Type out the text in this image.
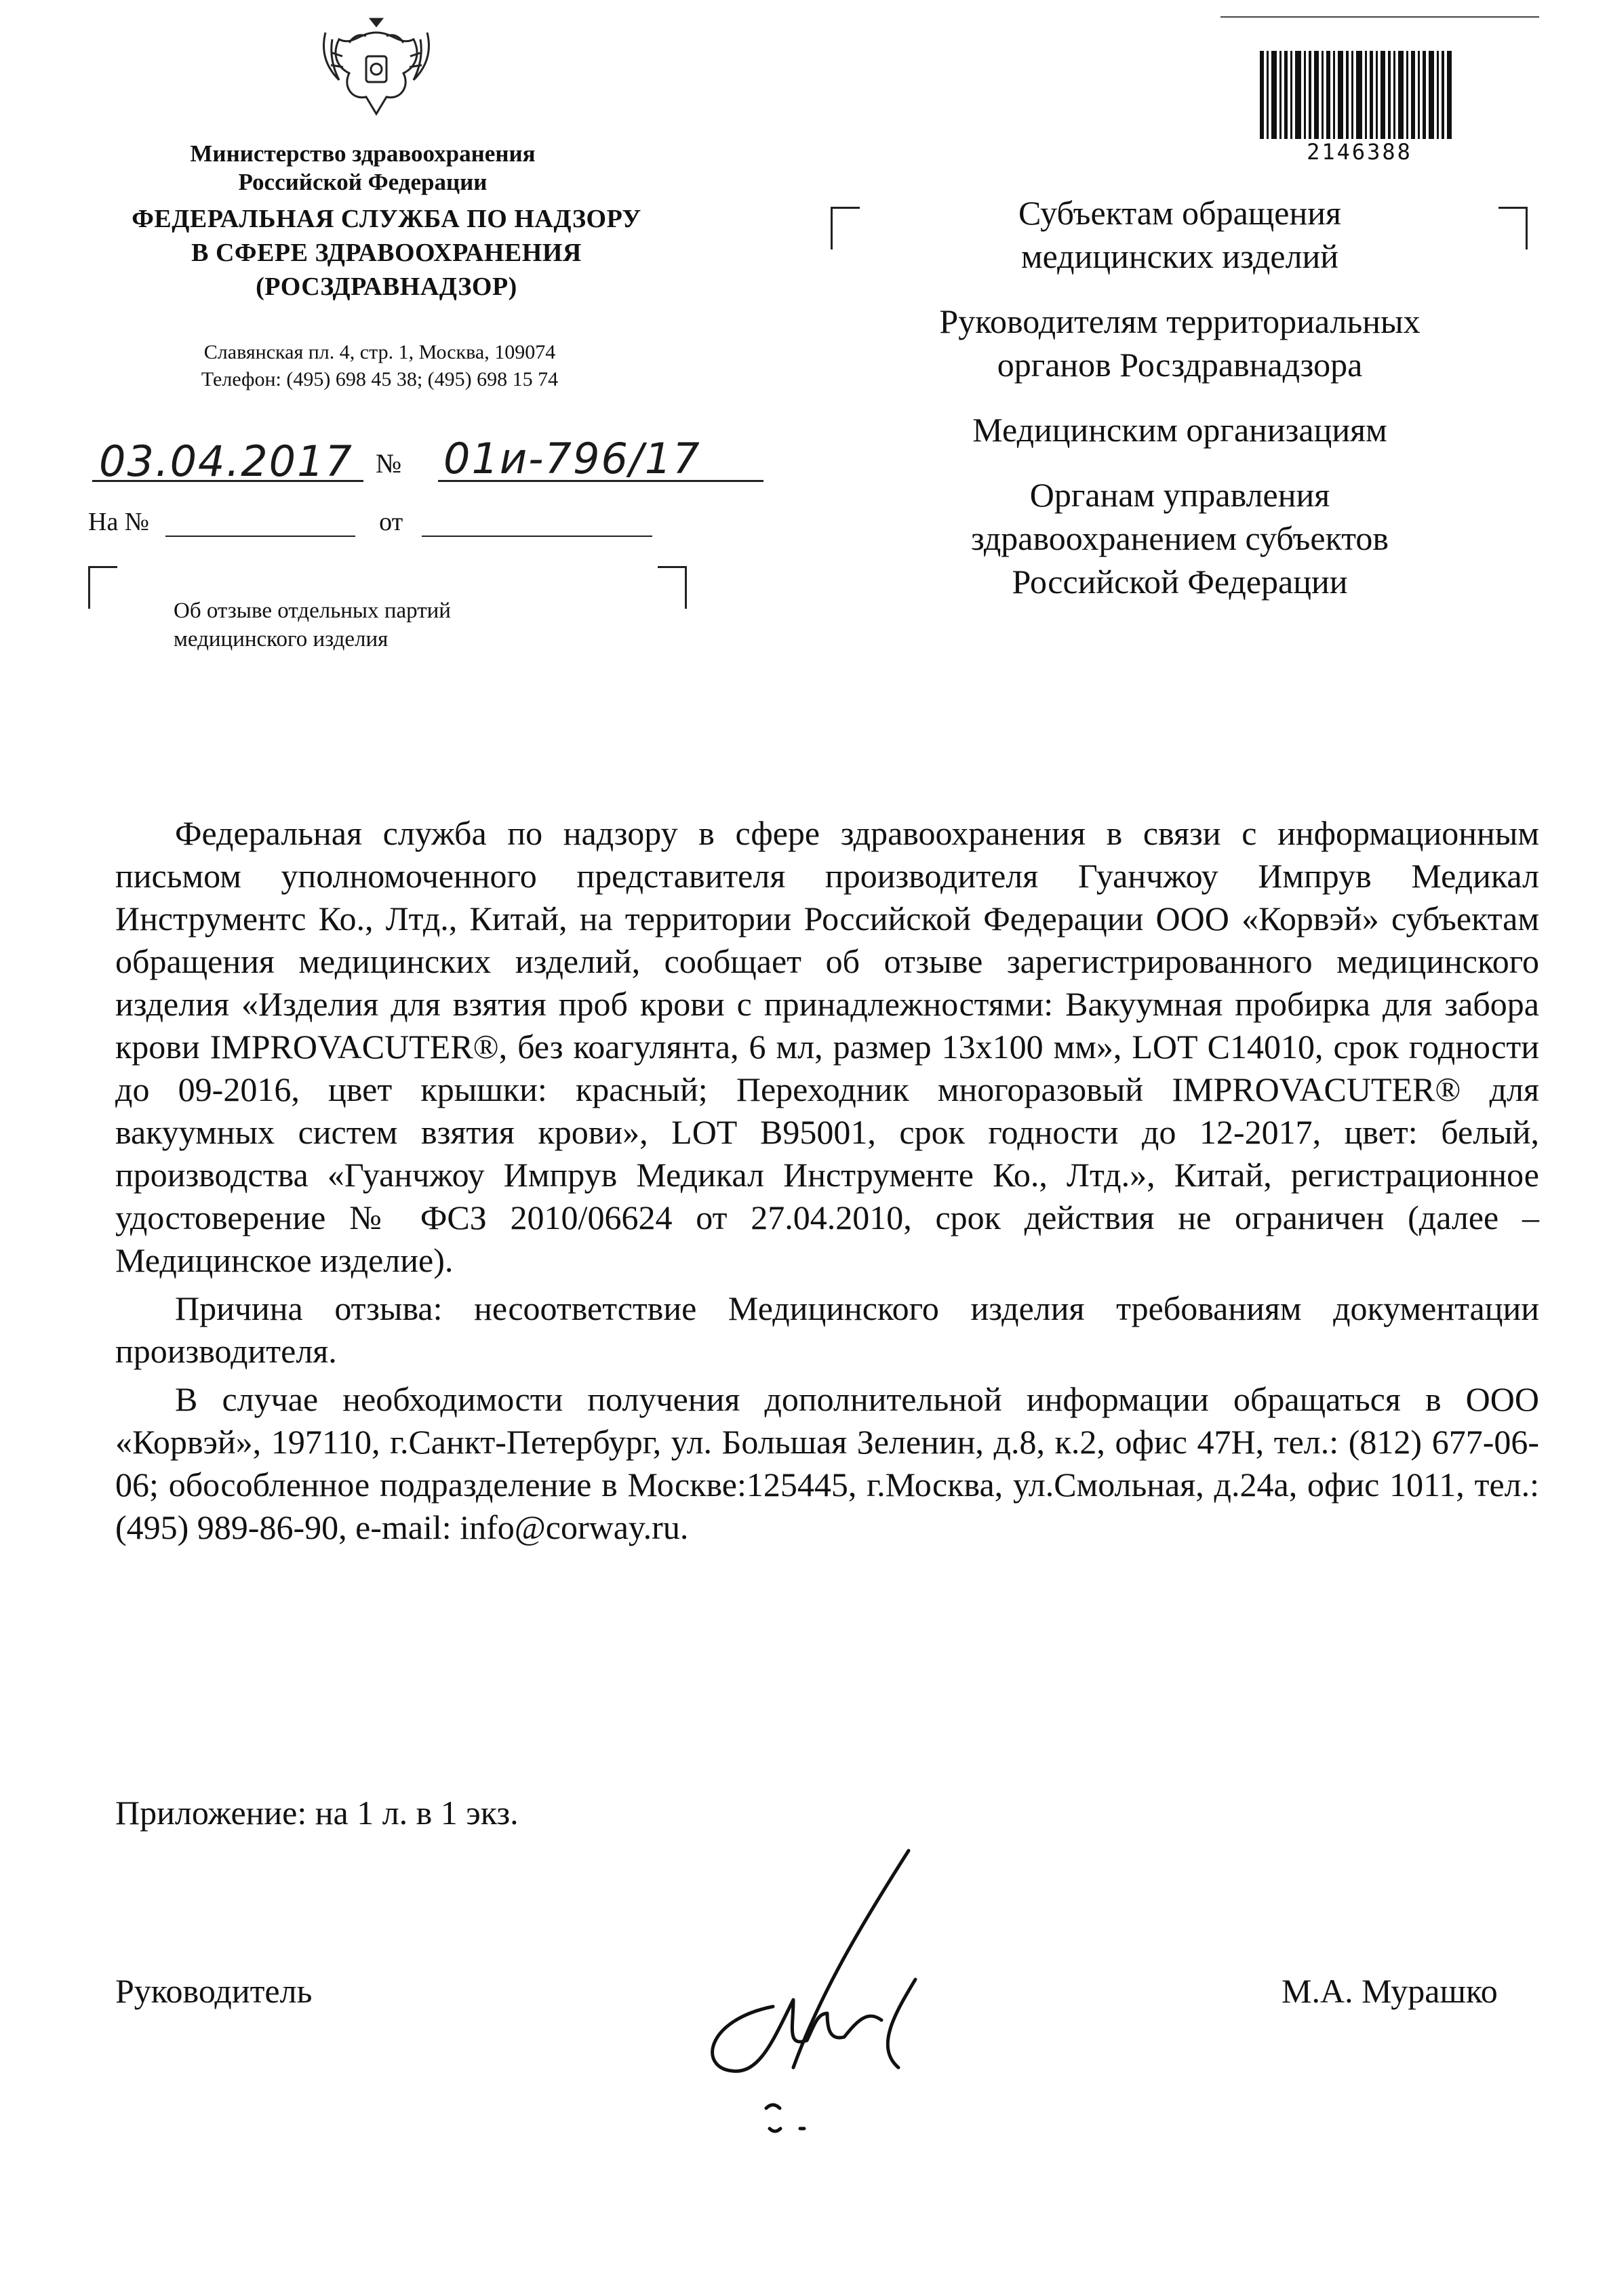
Министерство здравоохранения
Российской Федерации
ФЕДЕРАЛЬНАЯ СЛУЖБА ПО НАДЗОРУ
В СФЕРЕ ЗДРАВООХРАНЕНИЯ
(РОСЗДРАВНАДЗОР)
Славянская пл. 4, стр. 1, Москва, 109074
Телефон: (495) 698 45 38; (495) 698 15 74
03.04.2017 № 01и-796/17
На №	от
Об отзыве отдельных партий
медицинского изделия
2146388
Субъектам обращения
медицинских изделий
Руководителям территориальных
органов Росздравнадзора
Медицинским организациям
Органам управления
здравоохранением субъектов
Российской Федерации

Федеральная служба по надзору в сфере здравоохранения в связи с информационным письмом уполномоченного представителя производителя Гуанчжоу Импрув Медикал Инструментс Ко., Лтд., Китай, на территории Российской Федерации ООО «Корвэй» субъектам обращения медицинских изделий, сообщает об отзыве зарегистрированного медицинского изделия «Изделия для взятия проб крови с принадлежностями: Вакуумная пробирка для забора крови IMPROVACUTER®, без коагулянта, 6 мл, размер 13x100 мм», LOT C14010, срок годности до 09-2016, цвет крышки: красный; Переходник многоразовый IMPROVACUTER® для вакуумных систем взятия крови», LOT B95001, срок годности до 12-2017, цвет: белый, производства «Гуанчжоу Импрув Медикал Инструменте Ко., Лтд.», Китай, регистрационное удостоверение № ФСЗ 2010/06624 от 27.04.2010, срок действия не ограничен (далее – Медицинское изделие).

Причина отзыва: несоответствие Медицинского изделия требованиям документации производителя.

В случае необходимости получения дополнительной информации обращаться в ООО «Корвэй», 197110, г.Санкт-Петербург, ул. Большая Зеленин, д.8, к.2, офис 47Н, тел.: (812) 677-06-06; обособленное подразделение в Москве:125445, г.Москва, ул.Смольная, д.24а, офис 1011, тел.: (495) 989-86-90, e-mail: info@corway.ru.

Приложение: на 1 л. в 1 экз.
Руководитель	М.А. Мурашко
